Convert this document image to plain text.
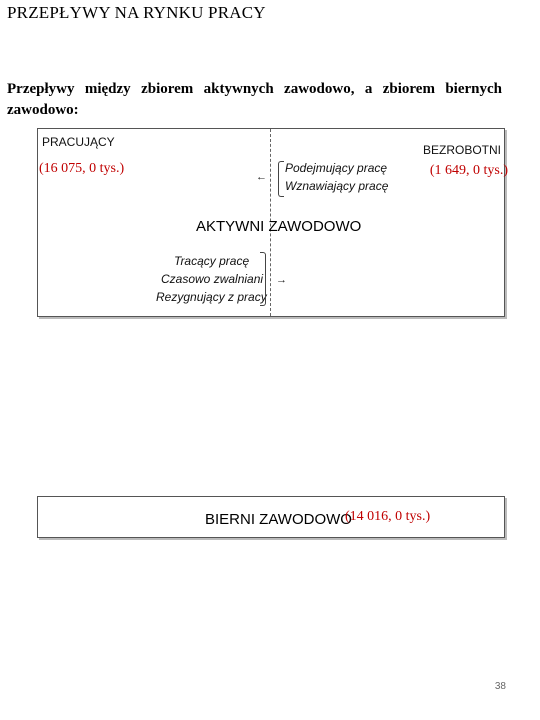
PRZEPŁYWY NA RYNKU PRACY
Przepływy między zbiorem aktywnych zawodowo, a zbiorem biernych zawodowo:
PRACUJĄCY
(16 075, 0 tys.)
BEZROBOTNI
(1 649, 0 tys.)
←
Podejmujący pracę
Wznawiający pracę
AKTYWNI ZAWODOWO
Tracący pracę
Czasowo zwalniani
Rezygnujący z pracy
→
BIERNI ZAWODOWO
(14 016, 0 tys.)
38
